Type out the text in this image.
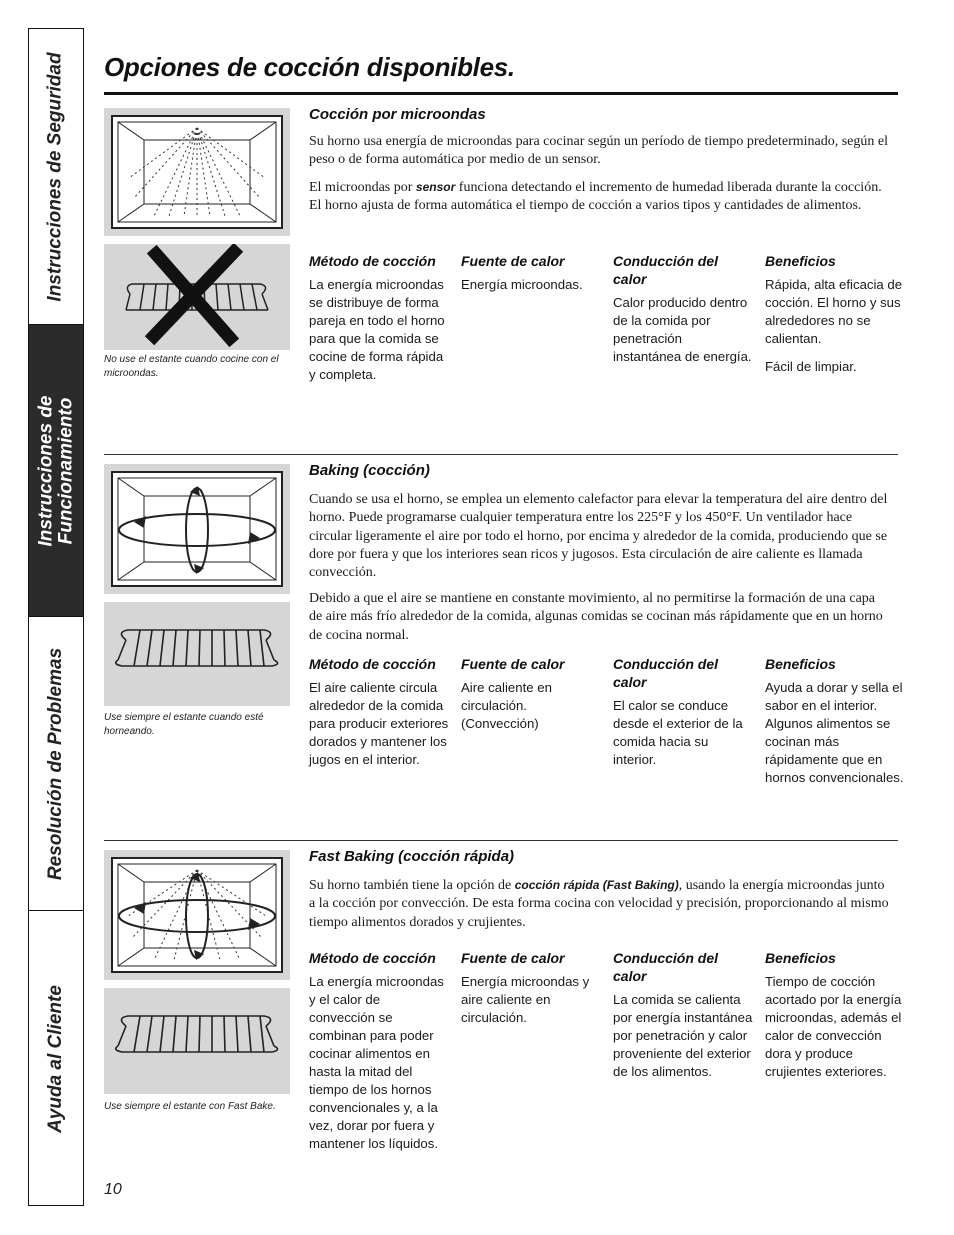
Instrucciones de Seguridad
Instrucciones de Funcionamiento
Resolución de Problemas
Ayuda al Cliente
Opciones de cocción disponibles.
No use el estante cuando cocine con el microondas.
Cocción por microondas
Su horno usa energía de microondas para cocinar según un período de tiempo predeterminado, según el peso o de forma automática por medio de un sensor.
El microondas por sensor funciona detectando el incremento de humedad liberada durante la cocción. El horno ajusta de forma automática el tiempo de cocción a varios tipos y cantidades de alimentos.
Método de cocción
La energía microondas se distribuye de forma pareja en todo el horno para que la comida se cocine de forma rápida y completa.
Fuente de calor
Energía microondas.
Conducción del calor
Calor producido dentro de la comida por penetración instantánea de energía.
Beneficios
Rápida, alta eficacia de cocción. El horno y sus alrededores no se calientan.
Fácil de limpiar.
Use siempre el estante cuando esté horneando.
Baking (cocción)
Cuando se usa el horno, se emplea un elemento calefactor para elevar la temperatura del aire dentro del horno. Puede programarse cualquier temperatura entre los 225°F y los 450°F. Un ventilador hace circular ligeramente el aire por todo el horno, por encima y alrededor de la comida, produciendo que se dore por fuera y que los interiores sean ricos y jugosos. Esta circulación de aire caliente es llamada convección.
Debido a que el aire se mantiene en constante movimiento, al no permitirse la formación de una capa de aire más frío alrededor de la comida, algunas comidas se cocinan más rápidamente que en un horno de cocina normal.
Método de cocción
El aire caliente circula alrededor de la comida para producir exteriores dorados y mantener los jugos en el interior.
Fuente de calor
Aire caliente en circulación. (Convección)
Conducción del calor
El calor se conduce desde el exterior de la comida hacia su interior.
Beneficios
Ayuda a dorar y sella el sabor en el interior. Algunos alimentos se cocinan más rápidamente que en hornos convencionales.
Use siempre el estante con Fast Bake.
Fast Baking (cocción rápida)
Su horno también tiene la opción de cocción rápida (Fast Baking), usando la energía microondas junto a la cocción por convección. De esta forma cocina con velocidad y precisión, proporcionando al mismo tiempo alimentos dorados y crujientes.
Método de cocción
La energía microondas y el calor de convección se combinan para poder cocinar alimentos en hasta la mitad del tiempo de los hornos convencionales y, a la vez, dorar por fuera y mantener los líquidos.
Fuente de calor
Energía microondas y aire caliente en circulación.
Conducción del calor
La comida se calienta por energía instantánea por penetración y calor proveniente del exterior de los alimentos.
Beneficios
Tiempo de cocción acortado por la energía microondas, además el calor de convección dora y produce crujientes exteriores.
10
